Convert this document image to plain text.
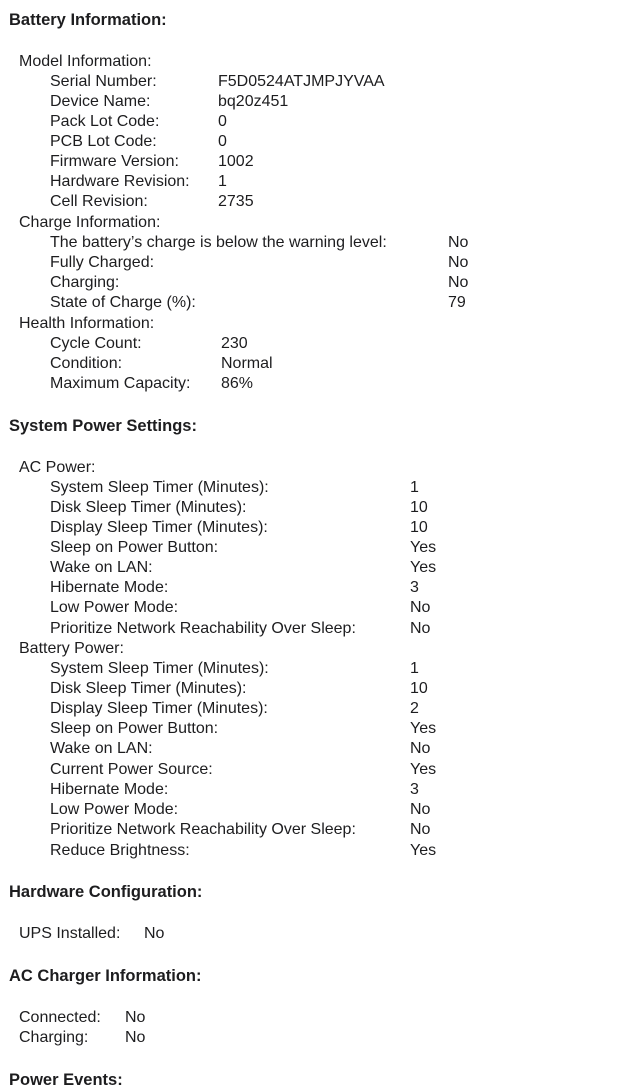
Battery Information:
Model Information:
Serial Number:	F5D0524ATJMPJYVAA
Device Name:	bq20z451
Pack Lot Code:	0
PCB Lot Code:	0
Firmware Version: 1002
Hardware Revision: 1
Cell Revision:	2735
Charge Information:
The battery’s charge is below the warning level:	No
Fully Charged:	No
Charging:	No
State of Charge (%):	79
Health Information:
Cycle Count:	230
Condition:	Normal
Maximum Capacity: 86%
System Power Settings:
AC Power:
System Sleep Timer (Minutes):	1
Disk Sleep Timer (Minutes):	10
Display Sleep Timer (Minutes):	10
Sleep on Power Button:	Yes
Wake on LAN:	Yes
Hibernate Mode:	3
Low Power Mode:	No
Prioritize Network Reachability Over Sleep:	No
Battery Power:
System Sleep Timer (Minutes):	1
Disk Sleep Timer (Minutes):	10
Display Sleep Timer (Minutes):	2
Sleep on Power Button:	Yes
Wake on LAN:	No
Current Power Source:	Yes
Hibernate Mode:	3
Low Power Mode:	No
Prioritize Network Reachability Over Sleep:	No
Reduce Brightness:	Yes
Hardware Configuration:
UPS Installed: No
AC Charger Information:
Connected: No
Charging: No
Power Events:
